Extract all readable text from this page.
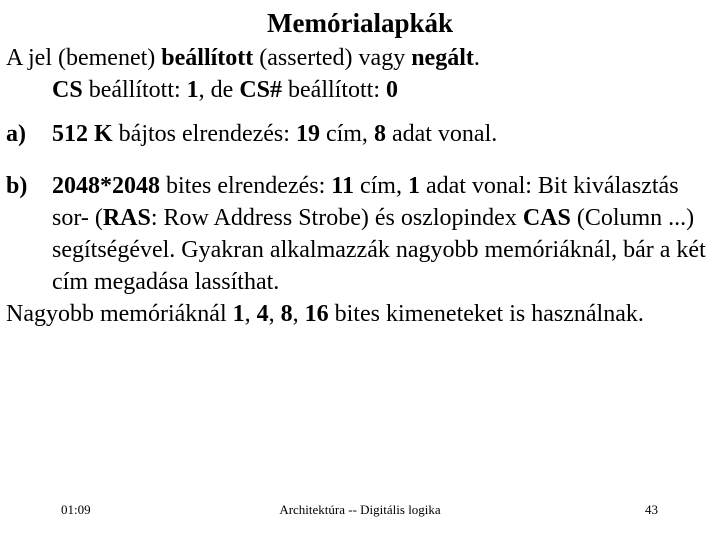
Memórialapkák

A jel (bemenet) beállított (asserted) vagy negált.

CS beállított: 1, de CS# beállított: 0

a) 512 K bájtos elrendezés: 19 cím, 8 adat vonal.

b) 2048*2048 bites elrendezés: 11 cím, 1 adat vonal: Bit kiválasztás sor- (RAS: Row Address Strobe) és oszlopindex CAS (Column ...) segítségével. Gyakran alkalmazzák nagyobb memóriáknál, bár a két cím megadása lassíthat.

Nagyobb memóriáknál 1, 4, 8, 16 bites kimeneteket is használnak.

Architektúra -- Digitális logika
01:09	43
